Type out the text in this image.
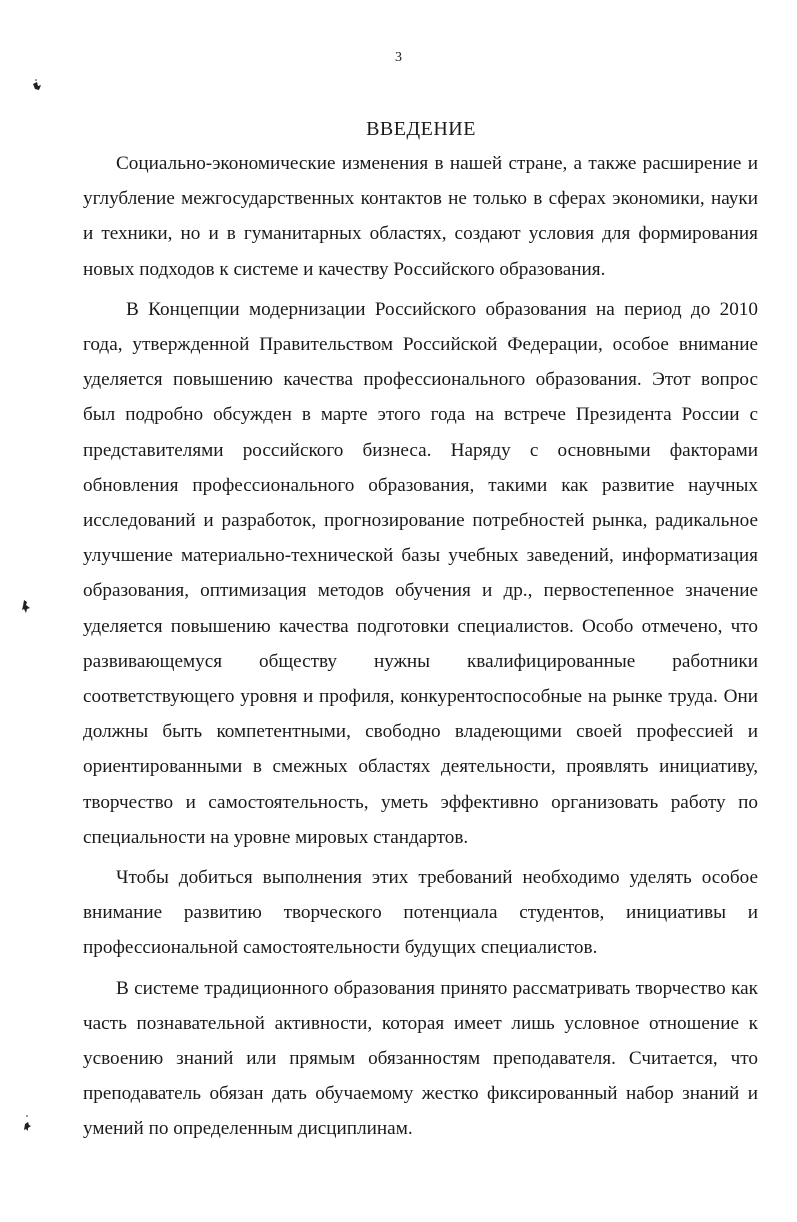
3
ВВЕДЕНИЕ

Социально-экономические изменения в нашей стране, а также расширение и углубление межгосударственных контактов не только в сферах экономики, науки и техники, но и в гуманитарных областях, создают условия для формирования новых подходов к системе и качеству Российского образования.

В Концепции модернизации Российского образования на период до 2010 года, утвержденной Правительством Российской Федерации, особое внимание уделяется повышению качества профессионального образования. Этот вопрос был подробно обсужден в марте этого года на встрече Президента России с представителями российского бизнеса. Наряду с основными факторами обновления профессионального образования, такими как развитие научных исследований и разработок, прогнозирование потребностей рынка, радикальное улучшение материально-технической базы учебных заведений, информатизация образования, оптимизация методов обучения и др., первостепенное значение уделяется повышению качества подготовки специалистов. Особо отмечено, что развивающемуся обществу нужны квалифицированные работники соответствующего уровня и профиля, конкурентоспособные на рынке труда. Они должны быть компетентными, свободно владеющими своей профессией и ориентированными в смежных областях деятельности, проявлять инициативу, творчество и самостоятельность, уметь эффективно организовать работу по специальности на уровне мировых стандартов.

Чтобы добиться выполнения этих требований необходимо уделять особое внимание развитию творческого потенциала студентов, инициативы и профессиональной самостоятельности будущих специалистов.

В системе традиционного образования принято рассматривать творчество как часть познавательной активности, которая имеет лишь условное отношение к усвоению знаний или прямым обязанностям преподавателя. Считается, что преподаватель обязан дать обучаемому жестко фиксированный набор знаний и умений по определенным дисциплинам.
